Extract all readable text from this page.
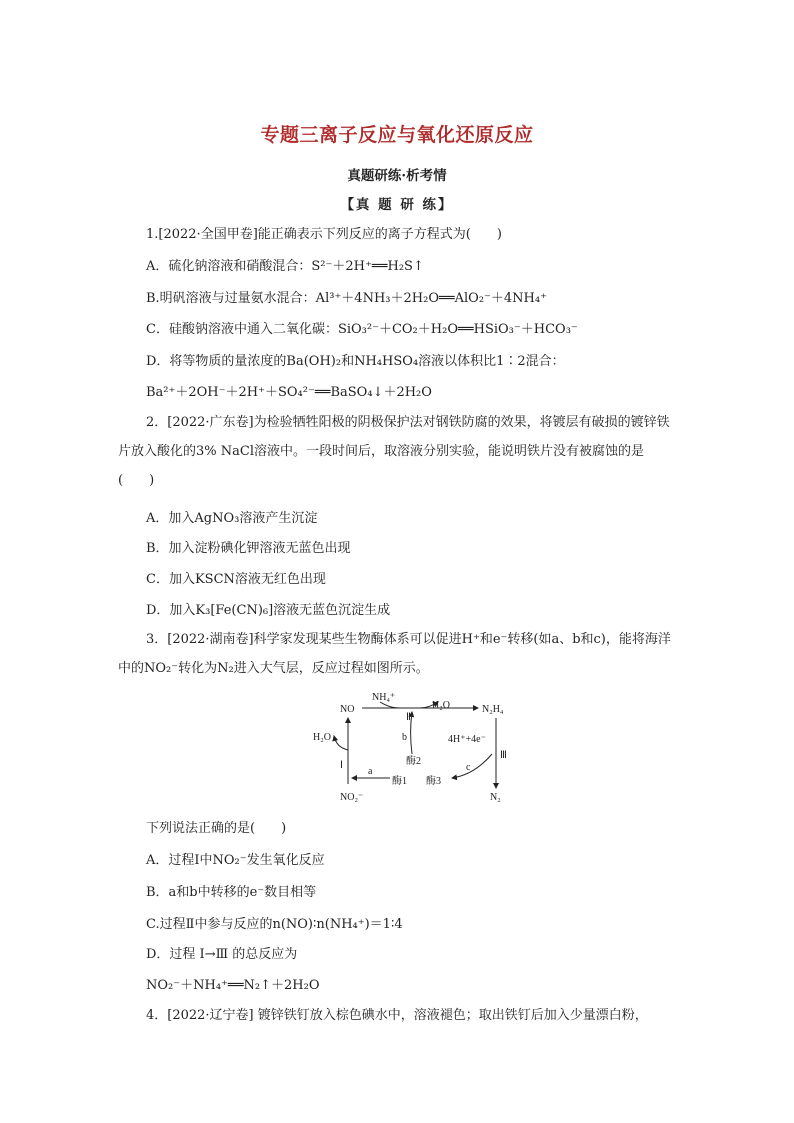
专题三离子反应与氧化还原反应
真题研练·析考情
【真 题 研 练】
1.[2022·全国甲卷]能正确表示下列反应的离子方程式为(　　)
A．硫化钠溶液和硝酸混合：S²⁻＋2H⁺══H₂S↑
B.明矾溶液与过量氨水混合：Al³⁺＋4NH₃＋2H₂O══AlO₂⁻＋4NH₄⁺
C．硅酸钠溶液中通入二氧化碳：SiO₃²⁻＋CO₂＋H₂O══HSiO₃⁻＋HCO₃⁻
D．将等物质的量浓度的Ba(OH)₂和NH₄HSO₄溶液以体积比1∶2混合：
Ba²⁺＋2OH⁻＋2H⁺＋SO₄²⁻══BaSO₄↓＋2H₂O
2．[2022·广东卷]为检验牺牲阳极的阴极保护法对钢铁防腐的效果，将镀层有破损的镀锌铁片放入酸化的3% NaCl溶液中。一段时间后，取溶液分别实验，能说明铁片没有被腐蚀的是(　　)
A．加入AgNO₃溶液产生沉淀
B．加入淀粉碘化钾溶液无蓝色出现
C．加入KSCN溶液无红色出现
D．加入K₃[Fe(CN)₆]溶液无蓝色沉淀生成
3．[2022·湖南卷]科学家发现某些生物酶体系可以促进H⁺和e⁻转移(如a、b和c)，能将海洋中的NO₂⁻转化为N₂进入大气层，反应过程如图所示。
NO
NH₄⁺
H₂O	N₂H₄
H₂O
NO₂⁻	N₂
Ⅱ
Ⅰ
Ⅲ
4H⁺+4e⁻
酶1
酶2
酶3
a
b
c
下列说法正确的是(　　)
A．过程Ⅰ中NO₂⁻发生氧化反应
B．a和b中转移的e⁻数目相等
C.过程Ⅱ中参与反应的n(NO)∶n(NH₄⁺)＝1∶4
D．过程 Ⅰ→Ⅲ 的总反应为
NO₂⁻＋NH₄⁺══N₂↑＋2H₂O
4．[2022·辽宁卷] 镀锌铁钉放入棕色碘水中，溶液褪色；取出铁钉后加入少量漂白粉，
